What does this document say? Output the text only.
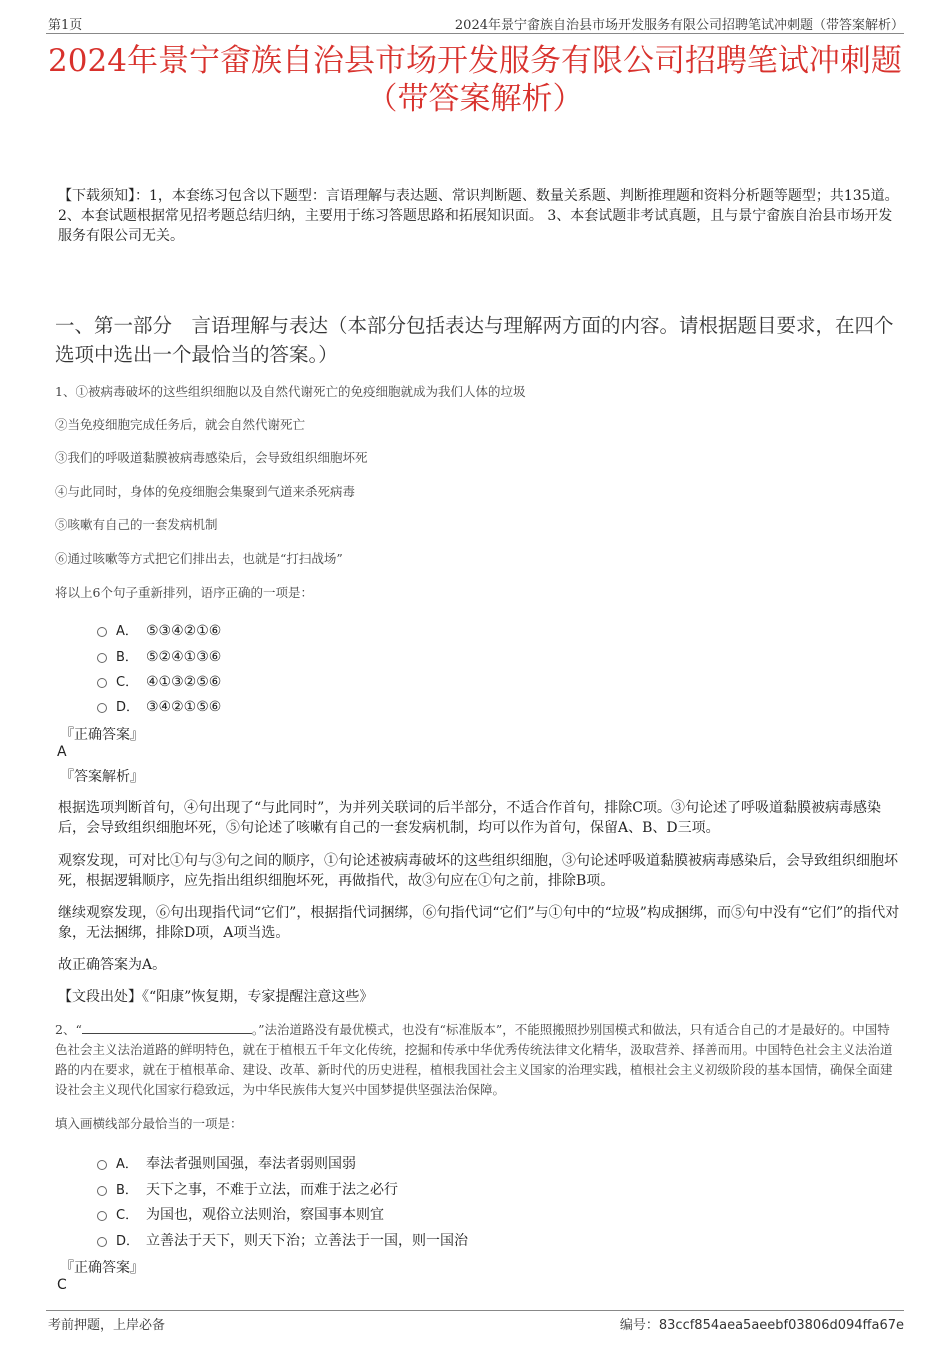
第1页	2024年景宁畲族自治县市场开发服务有限公司招聘笔试冲刺题（带答案解析）
2024年景宁畲族自治县市场开发服务有限公司招聘笔试冲刺题
（带答案解析）
【下载须知】：1，本套练习包含以下题型：言语理解与表达题、常识判断题、数量关系题、判断推理题和资料分析题等题型；共135道。 2、本套试题根据常见招考题总结归纳，主要用于练习答题思路和拓展知识面。 3、本套试题非考试真题，且与景宁畲族自治县市场开发服务有限公司无关。
一、第一部分　言语理解与表达（本部分包括表达与理解两方面的内容。请根据题目要求，在四个选项中选出一个最恰当的答案。）
1、①被病毒破坏的这些组织细胞以及自然代谢死亡的免疫细胞就成为我们人体的垃圾
②当免疫细胞完成任务后，就会自然代谢死亡
③我们的呼吸道黏膜被病毒感染后，会导致组织细胞坏死
④与此同时，身体的免疫细胞会集聚到气道来杀死病毒
⑤咳嗽有自己的一套发病机制
⑥通过咳嗽等方式把它们排出去，也就是“打扫战场”
将以上6个句子重新排列，语序正确的一项是：
A． ⑤③④②①⑥
B． ⑤②④①③⑥
C． ④①③②⑤⑥
D． ③④②①⑤⑥
『正确答案』
A
『答案解析』
根据选项判断首句，④句出现了“与此同时”，为并列关联词的后半部分，不适合作首句，排除C项。③句论述了呼吸道黏膜被病毒感染后，会导致组织细胞坏死，⑤句论述了咳嗽有自己的一套发病机制，均可以作为首句，保留A、B、D三项。
观察发现，可对比①句与③句之间的顺序，①句论述被病毒破坏的这些组织细胞，③句论述呼吸道黏膜被病毒感染后，会导致组织细胞坏死，根据逻辑顺序，应先指出组织细胞坏死，再做指代，故③句应在①句之前，排除B项。
继续观察发现，⑥句出现指代词“它们”，根据指代词捆绑，⑥句指代词“它们”与①句中的“垃圾”构成捆绑，而⑤句中没有“它们”的指代对象，无法捆绑，排除D项，A项当选。
故正确答案为A。
【文段出处】《“阳康”恢复期，专家提醒注意这些》
2、“	。”法治道路没有最优模式，也没有“标准版本”，不能照搬照抄别国模式和做法，只有适合自己的才是最好的。中国特色社会主义法治道路的鲜明特色，就在于植根五千年文化传统，挖掘和传承中华优秀传统法律文化精华，汲取营养、择善而用。中国特色社会主义法治道路的内在要求，就在于植根革命、建设、改革、新时代的历史进程，植根我国社会主义国家的治理实践，植根社会主义初级阶段的基本国情，确保全面建设社会主义现代化国家行稳致远，为中华民族伟大复兴中国梦提供坚强法治保障。
填入画横线部分最恰当的一项是：
A． 奉法者强则国强，奉法者弱则国弱
B． 天下之事，不难于立法，而难于法之必行
C． 为国也，观俗立法则治，察国事本则宜
D． 立善法于天下，则天下治；立善法于一国，则一国治
『正确答案』
C
考前押题，上岸必备	编号：83ccf854aea5aeebf03806d094ffa67e
